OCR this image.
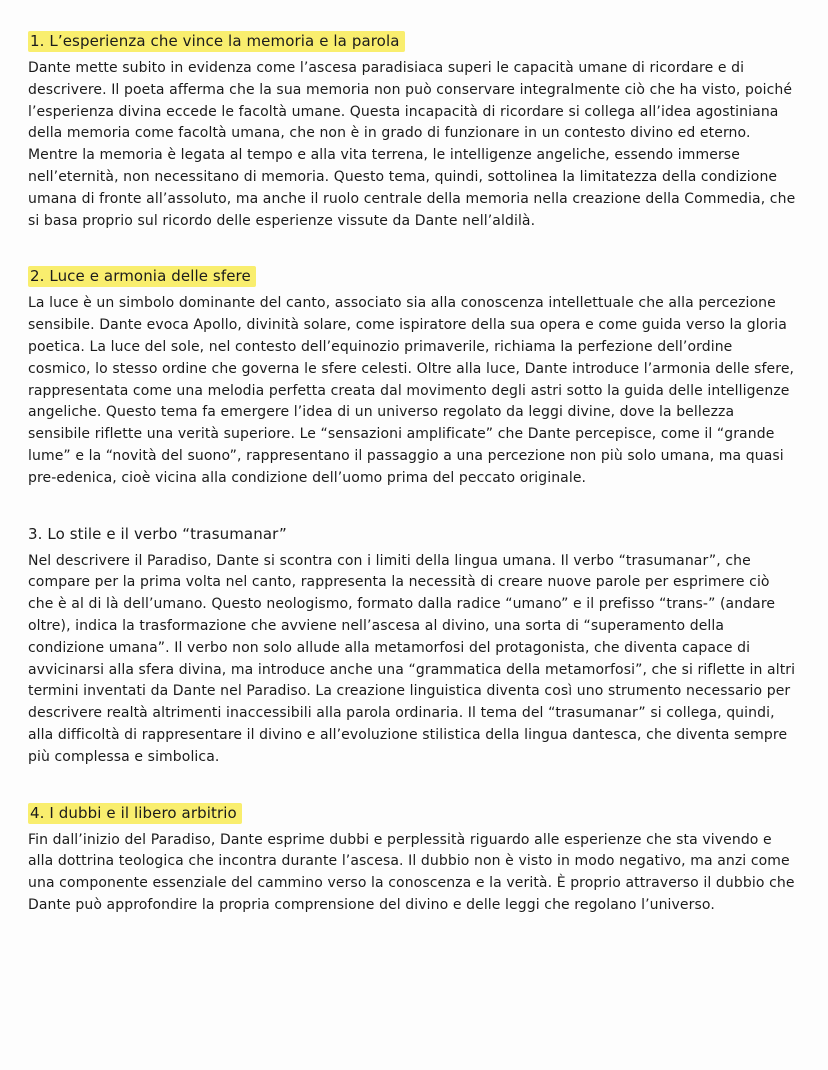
1. L’esperienza che vince la memoria e la parola

Dante mette subito in evidenza come l’ascesa paradisiaca superi le capacità umane di ricordare e di descrivere. Il poeta afferma che la sua memoria non può conservare integralmente ciò che ha visto, poiché l’esperienza divina eccede le facoltà umane. Questa incapacità di ricordare si collega all’idea agostiniana della memoria come facoltà umana, che non è in grado di funzionare in un contesto divino ed eterno. Mentre la memoria è legata al tempo e alla vita terrena, le intelligenze angeliche, essendo immerse nell’eternità, non necessitano di memoria. Questo tema, quindi, sottolinea la limitatezza della condizione umana di fronte all’assoluto, ma anche il ruolo centrale della memoria nella creazione della Commedia, che si basa proprio sul ricordo delle esperienze vissute da Dante nell’aldilà.

2. Luce e armonia delle sfere

La luce è un simbolo dominante del canto, associato sia alla conoscenza intellettuale che alla percezione sensibile. Dante evoca Apollo, divinità solare, come ispiratore della sua opera e come guida verso la gloria poetica. La luce del sole, nel contesto dell’equinozio primaverile, richiama la perfezione dell’ordine cosmico, lo stesso ordine che governa le sfere celesti. Oltre alla luce, Dante introduce l’armonia delle sfere, rappresentata come una melodia perfetta creata dal movimento degli astri sotto la guida delle intelligenze angeliche. Questo tema fa emergere l’idea di un universo regolato da leggi divine, dove la bellezza sensibile riflette una verità superiore. Le “sensazioni amplificate” che Dante percepisce, come il “grande lume” e la “novità del suono”, rappresentano il passaggio a una percezione non più solo umana, ma quasi pre-edenica, cioè vicina alla condizione dell’uomo prima del peccato originale.

3. Lo stile e il verbo “trasumanar”

Nel descrivere il Paradiso, Dante si scontra con i limiti della lingua umana. Il verbo “trasumanar”, che compare per la prima volta nel canto, rappresenta la necessità di creare nuove parole per esprimere ciò che è al di là dell’umano. Questo neologismo, formato dalla radice “umano” e il prefisso “trans-” (andare oltre), indica la trasformazione che avviene nell’ascesa al divino, una sorta di “superamento della condizione umana”. Il verbo non solo allude alla metamorfosi del protagonista, che diventa capace di avvicinarsi alla sfera divina, ma introduce anche una “grammatica della metamorfosi”, che si riflette in altri termini inventati da Dante nel Paradiso. La creazione linguistica diventa così uno strumento necessario per descrivere realtà altrimenti inaccessibili alla parola ordinaria. Il tema del “trasumanar” si collega, quindi, alla difficoltà di rappresentare il divino e all’evoluzione stilistica della lingua dantesca, che diventa sempre più complessa e simbolica.

4. I dubbi e il libero arbitrio

Fin dall’inizio del Paradiso, Dante esprime dubbi e perplessità riguardo alle esperienze che sta vivendo e alla dottrina teologica che incontra durante l’ascesa. Il dubbio non è visto in modo negativo, ma anzi come una componente essenziale del cammino verso la conoscenza e la verità. È proprio attraverso il dubbio che Dante può approfondire la propria comprensione del divino e delle leggi che regolano l’universo.
